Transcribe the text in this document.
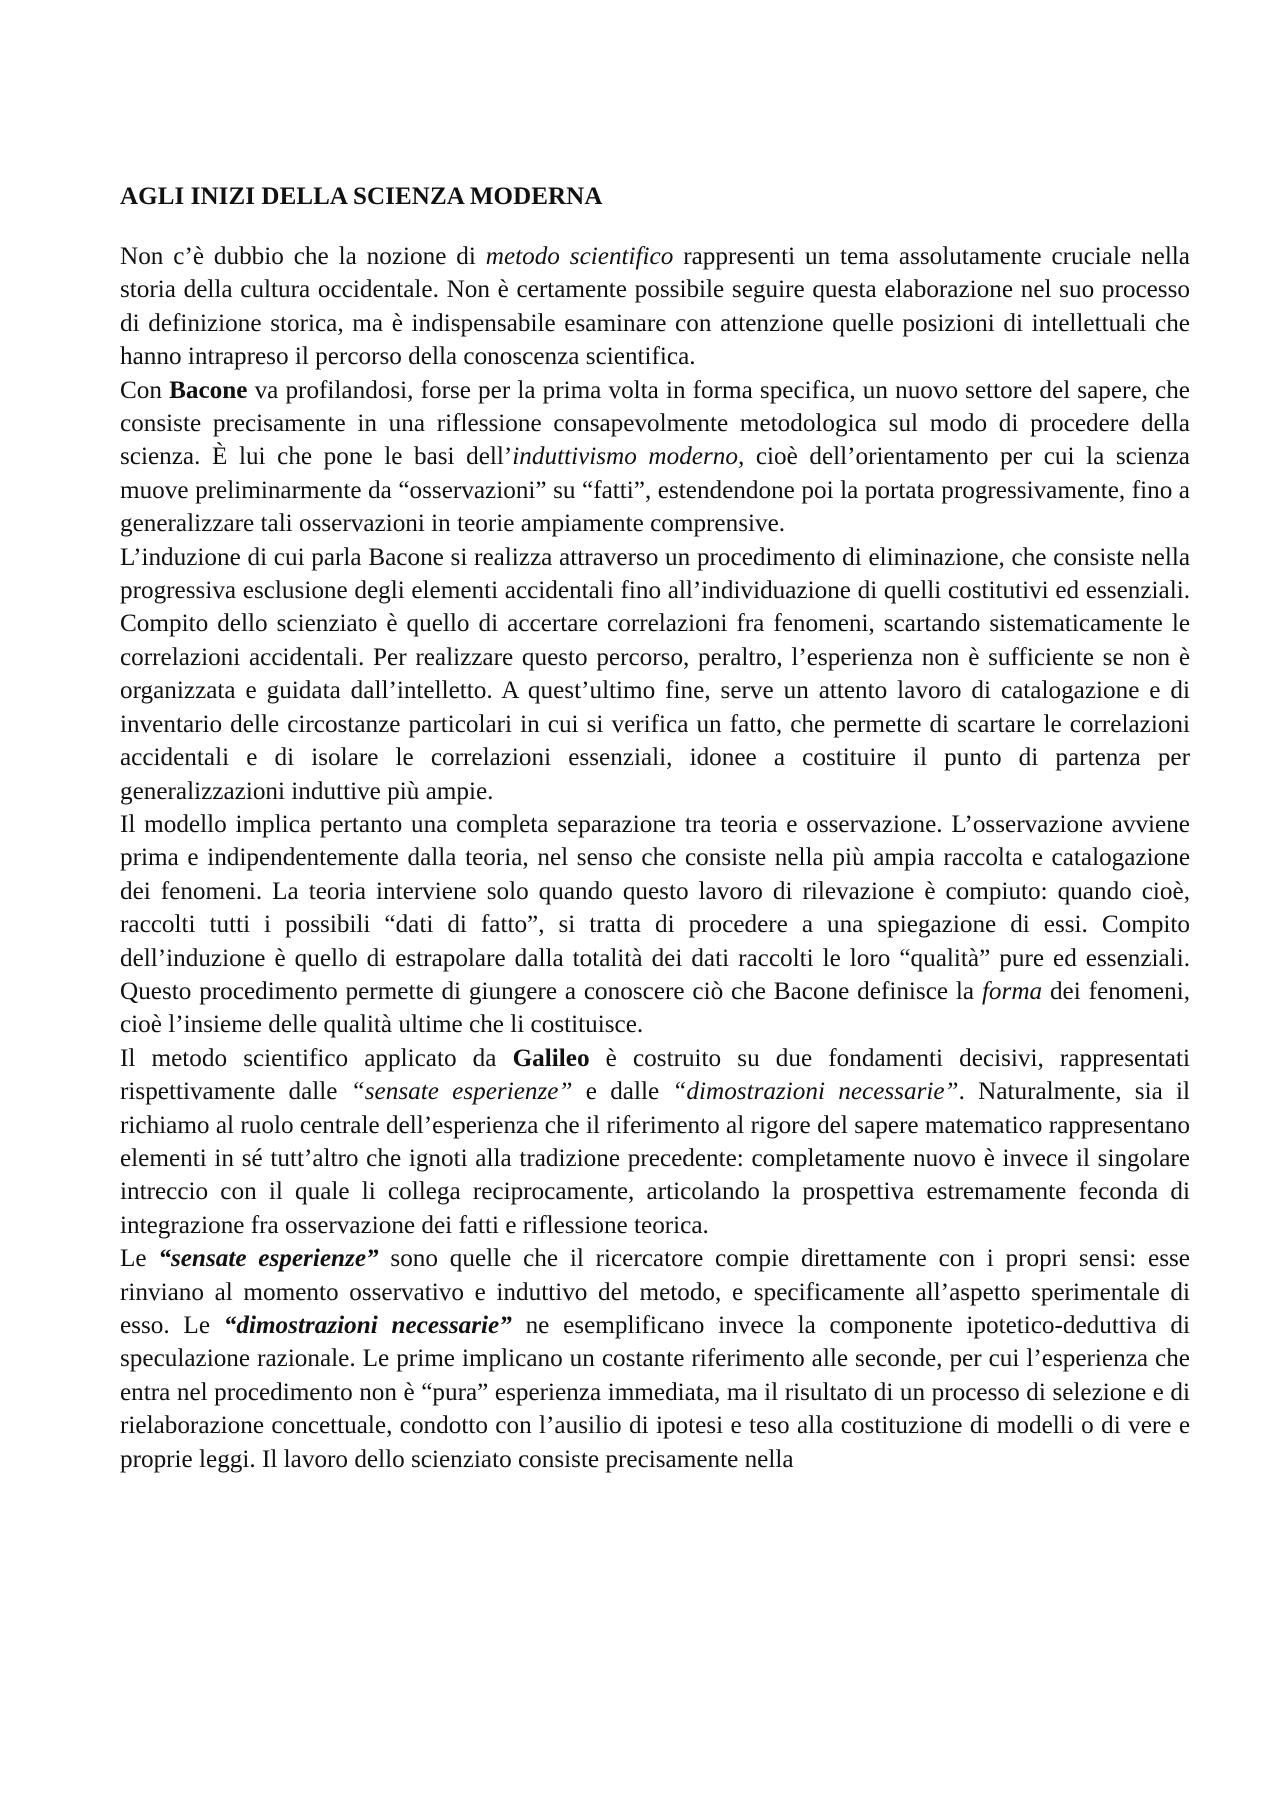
AGLI INIZI DELLA SCIENZA MODERNA

Non c’è dubbio che la nozione di metodo scientifico rappresenti un tema assolutamente cruciale nella storia della cultura occidentale. Non è certamente possibile seguire questa elaborazione nel suo processo di definizione storica, ma è indispensabile esaminare con attenzione quelle posizioni di intellettuali che hanno intrapreso il percorso della conoscenza scientifica.

Con Bacone va profilandosi, forse per la prima volta in forma specifica, un nuovo settore del sapere, che consiste precisamente in una riflessione consapevolmente metodologica sul modo di procedere della scienza. È lui che pone le basi dell’induttivismo moderno, cioè dell’orientamento per cui la scienza muove preliminarmente da “osservazioni” su “fatti”, estendendone poi la portata progressivamente, fino a generalizzare tali osservazioni in teorie ampiamente comprensive.

L’induzione di cui parla Bacone si realizza attraverso un procedimento di eliminazione, che consiste nella progressiva esclusione degli elementi accidentali fino all’individuazione di quelli costitutivi ed essenziali. Compito dello scienziato è quello di accertare correlazioni fra fenomeni, scartando sistematicamente le correlazioni accidentali. Per realizzare questo percorso, peraltro, l’esperienza non è sufficiente se non è organizzata e guidata dall’intelletto. A quest’ultimo fine, serve un attento lavoro di catalogazione e di inventario delle circostanze particolari in cui si verifica un fatto, che permette di scartare le correlazioni accidentali e di isolare le correlazioni essenziali, idonee a costituire il punto di partenza per generalizzazioni induttive più ampie.

Il modello implica pertanto una completa separazione tra teoria e osservazione. L’osservazione avviene prima e indipendentemente dalla teoria, nel senso che consiste nella più ampia raccolta e catalogazione dei fenomeni. La teoria interviene solo quando questo lavoro di rilevazione è compiuto: quando cioè, raccolti tutti i possibili “dati di fatto”, si tratta di procedere a una spiegazione di essi. Compito dell’induzione è quello di estrapolare dalla totalità dei dati raccolti le loro “qualità” pure ed essenziali. Questo procedimento permette di giungere a conoscere ciò che Bacone definisce la forma dei fenomeni, cioè l’insieme delle qualità ultime che li costituisce.

Il metodo scientifico applicato da Galileo è costruito su due fondamenti decisivi, rappresentati rispettivamente dalle “sensate esperienze” e dalle “dimostrazioni necessarie”. Naturalmente, sia il richiamo al ruolo centrale dell’esperienza che il riferimento al rigore del sapere matematico rappresentano elementi in sé tutt’altro che ignoti alla tradizione precedente: completamente nuovo è invece il singolare intreccio con il quale li collega reciprocamente, articolando la prospettiva estremamente feconda di integrazione fra osservazione dei fatti e riflessione teorica.

Le “sensate esperienze” sono quelle che il ricercatore compie direttamente con i propri sensi: esse rinviano al momento osservativo e induttivo del metodo, e specificamente all’aspetto sperimentale di esso. Le “dimostrazioni necessarie” ne esemplificano invece la componente ipotetico-deduttiva di speculazione razionale. Le prime implicano un costante riferimento alle seconde, per cui l’esperienza che entra nel procedimento non è “pura” esperienza immediata, ma il risultato di un processo di selezione e di rielaborazione concettuale, condotto con l’ausilio di ipotesi e teso alla costituzione di modelli o di vere e proprie leggi. Il lavoro dello scienziato consiste precisamente nella
